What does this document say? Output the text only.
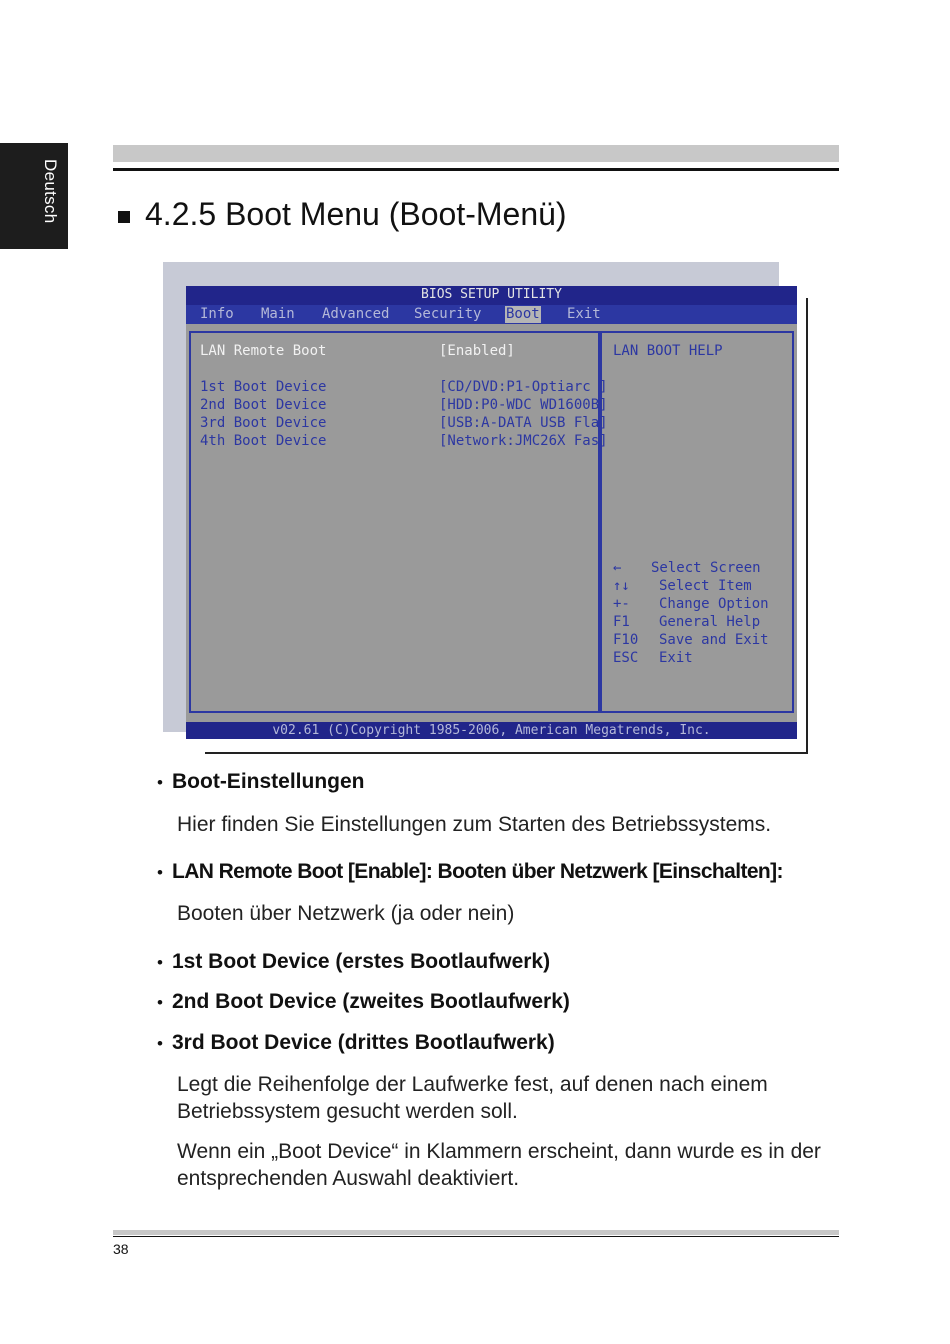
Deutsch	4.2.5 Boot Menu (Boot-Menü)
BIOS SETUP UTILITY
Info Main Advanced Security Boot Exit
LAN Remote Boot	[Enabled]
1st Boot Device	[CD/DVD:P1-Optiarc ]
2nd Boot Device	[HDD:P0-WDC WD1600B]
3rd Boot Device	[USB:A-DATA USB Fla]
4th Boot Device	[Network:JMC26X Fas]
LAN BOOT HELP
← Select Screen
↑↓ Select Item
+- Change Option
F1 General Help
F10 Save and Exit
ESC Exit
v02.61 (C)Copyright 1985-2006, American Megatrends, Inc.
• Boot-Einstellungen

Hier finden Sie Einstellungen zum Starten des Betriebssystems.

• LAN Remote Boot [Enable]: Booten über Netzwerk [Einschalten]:

Booten über Netzwerk (ja oder nein)

• 1st Boot Device (erstes Bootlaufwerk)
• 2nd Boot Device (zweites Bootlaufwerk)
• 3rd Boot Device (drittes Bootlaufwerk)

Legt die Reihenfolge der Laufwerke fest, auf denen nach einem Betriebssystem gesucht werden soll.

Wenn ein „Boot Device“ in Klammern erscheint, dann wurde es in der entsprechenden Auswahl deaktiviert.

38
